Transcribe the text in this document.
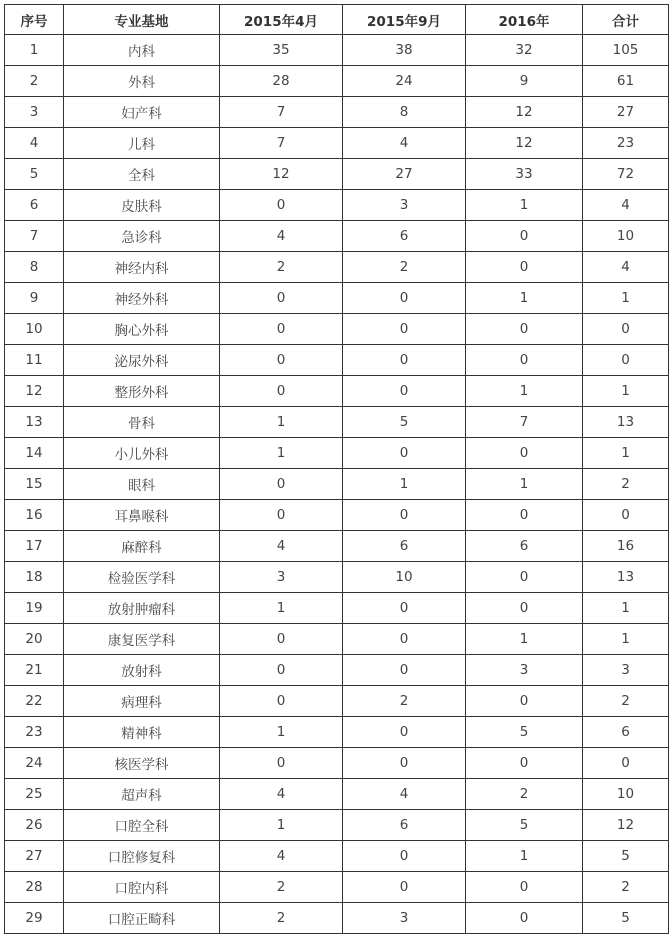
序号	专业基地	2015年4月	2015年9月	2016年	合计
1	内科	35	38	32	105
2	外科	28	24	9	61
3	妇产科	7	8	12	27
4	儿科	7	4	12	23
5	全科	12	27	33	72
6	皮肤科	0	3	1	4
7	急诊科	4	6	0	10
8	神经内科	2	2	0	4
9	神经外科	0	0	1	1
10	胸心外科	0	0	0	0
11	泌尿外科	0	0	0	0
12	整形外科	0	0	1	1
13	骨科	1	5	7	13
14	小儿外科	1	0	0	1
15	眼科	0	1	1	2
16	耳鼻喉科	0	0	0	0
17	麻醉科	4	6	6	16
18	检验医学科	3	10	0	13
19	放射肿瘤科	1	0	0	1
20	康复医学科	0	0	1	1
21	放射科	0	0	3	3
22	病理科	0	2	0	2
23	精神科	1	0	5	6
24	核医学科	0	0	0	0
25	超声科	4	4	2	10
26	口腔全科	1	6	5	12
27	口腔修复科	4	0	1	5
28	口腔内科	2	0	0	2
29	口腔正畸科	2	3	0	5
